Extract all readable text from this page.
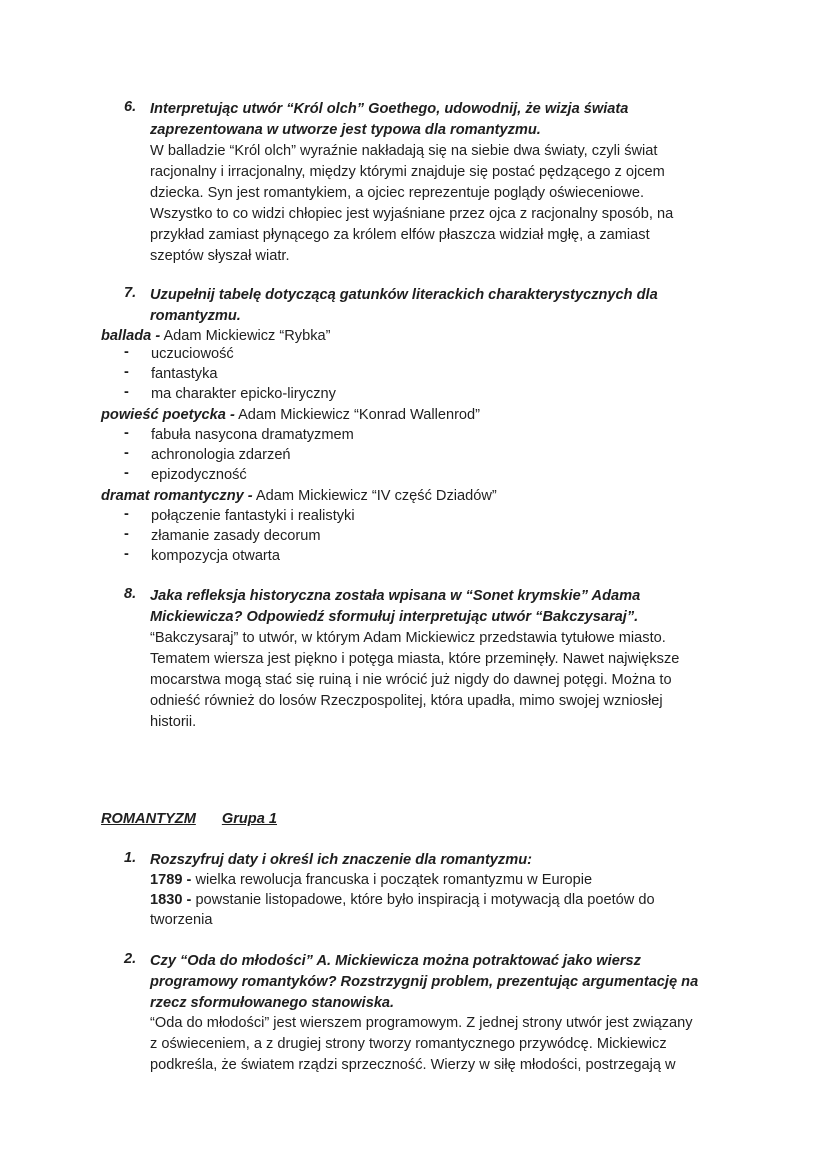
6. Interpretując utwór “Król olch” Goethego, udowodnij, że wizja świata
zaprezentowana w utworze jest typowa dla romantyzmu.
W balladzie “Król olch” wyraźnie nakładają się na siebie dwa światy, czyli świat
racjonalny i irracjonalny, między którymi znajduje się postać pędzącego z ojcem
dziecka. Syn jest romantykiem, a ojciec reprezentuje poglądy oświeceniowe.
Wszystko to co widzi chłopiec jest wyjaśniane przez ojca z racjonalny sposób, na
przykład zamiast płynącego za królem elfów płaszcza widział mgłę, a zamiast
szeptów słyszał wiatr.
7. Uzupełnij tabelę dotyczącą gatunków literackich charakterystycznych dla
romantyzmu.
ballada - Adam Mickiewicz “Rybka”
- uczuciowość
- fantastyka
- ma charakter epicko-liryczny
powieść poetycka - Adam Mickiewicz “Konrad Wallenrod”
- fabuła nasycona dramatyzmem
- achronologia zdarzeń
- epizodyczność
dramat romantyczny - Adam Mickiewicz “IV część Dziadów”
- połączenie fantastyki i realistyki
- złamanie zasady decorum
- kompozycja otwarta
8. Jaka refleksja historyczna została wpisana w “Sonet krymskie” Adama
Mickiewicza? Odpowiedź sformułuj interpretując utwór “Bakczysaraj”.
“Bakczysaraj” to utwór, w którym Adam Mickiewicz przedstawia tytułowe miasto.
Tematem wiersza jest piękno i potęga miasta, które przeminęły. Nawet największe
mocarstwa mogą stać się ruiną i nie wrócić już nigdy do dawnej potęgi. Można to
odnieść również do losów Rzeczpospolitej, która upadła, mimo swojej wzniosłej
historii.
ROMANTYZM Grupa 1
1. Rozszyfruj daty i określ ich znaczenie dla romantyzmu:
1789 - wielka rewolucja francuska i początek romantyzmu w Europie
1830 - powstanie listopadowe, które było inspiracją i motywacją dla poetów do
tworzenia
2. Czy “Oda do młodości” A. Mickiewicza można potraktować jako wiersz
programowy romantyków? Rozstrzygnij problem, prezentując argumentację na
rzecz sformułowanego stanowiska.
“Oda do młodości” jest wierszem programowym. Z jednej strony utwór jest związany
z oświeceniem, a z drugiej strony tworzy romantycznego przywódcę. Mickiewicz
podkreśla, że światem rządzi sprzeczność. Wierzy w siłę młodości, postrzegają w
